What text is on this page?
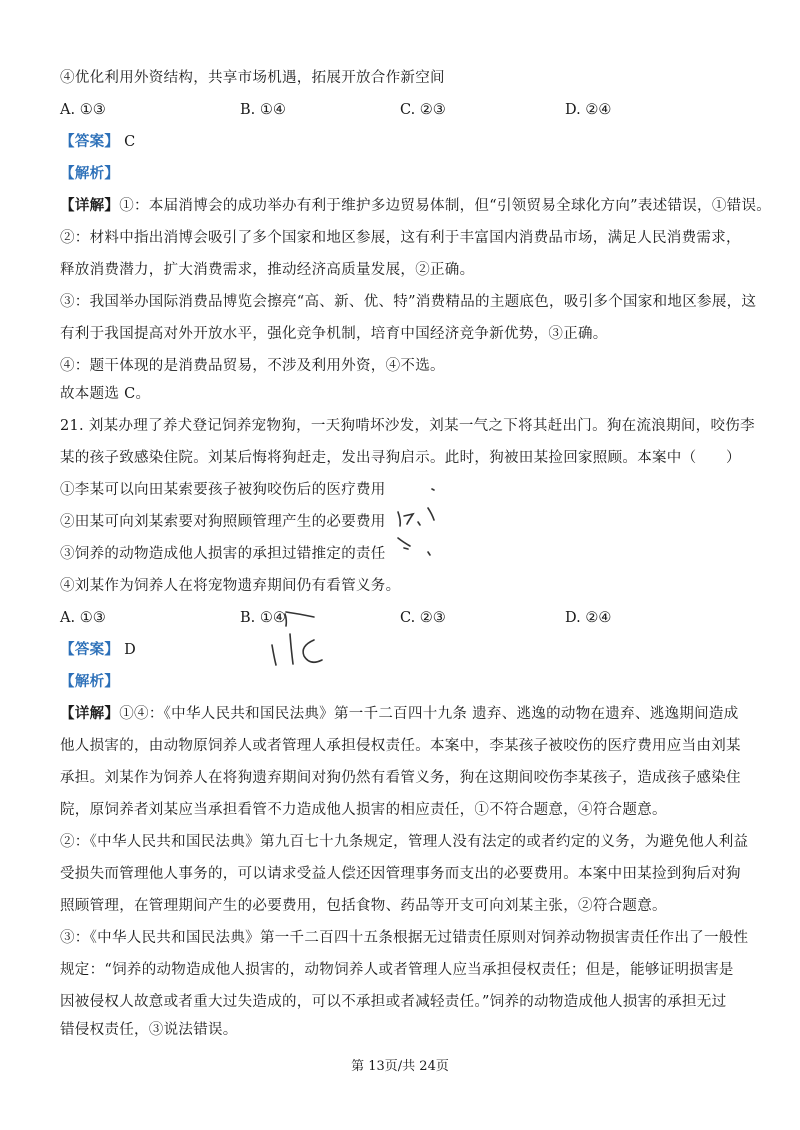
④优化利用外资结构，共享市场机遇，拓展开放合作新空间
A. ①③	B. ①④	C. ②③	D. ②④
【答案】 C
【解析】
【详解】①：本届消博会的成功举办有利于维护多边贸易体制，但“引领贸易全球化方向”表述错误，①错误。
②：材料中指出消博会吸引了多个国家和地区参展，这有利于丰富国内消费品市场，满足人民消费需求，
释放消费潜力，扩大消费需求，推动经济高质量发展，②正确。
③：我国举办国际消费品博览会擦亮“高、新、优、特”消费精品的主题底色，吸引多个国家和地区参展，这
有利于我国提高对外开放水平，强化竞争机制，培育中国经济竞争新优势，③正确。
④：题干体现的是消费品贸易，不涉及利用外资，④不选。
故本题选 C。
21. 刘某办理了养犬登记饲养宠物狗，一天狗啃坏沙发，刘某一气之下将其赶出门。狗在流浪期间，咬伤李
某的孩子致感染住院。刘某后悔将狗赶走，发出寻狗启示。此时，狗被田某捡回家照顾。本案中（　　）
①李某可以向田某索要孩子被狗咬伤后的医疗费用
②田某可向刘某索要对狗照顾管理产生的必要费用
③饲养的动物造成他人损害的承担过错推定的责任
④刘某作为饲养人在将宠物遗弃期间仍有看管义务。
A. ①③	B. ①④	C. ②③	D. ②④
【答案】 D
【解析】
【详解】①④：《中华人民共和国民法典》第一千二百四十九条 遗弃、逃逸的动物在遗弃、逃逸期间造成
他人损害的，由动物原饲养人或者管理人承担侵权责任。本案中，李某孩子被咬伤的医疗费用应当由刘某
承担。刘某作为饲养人在将狗遗弃期间对狗仍然有看管义务，狗在这期间咬伤李某孩子，造成孩子感染住
院，原饲养者刘某应当承担看管不力造成他人损害的相应责任，①不符合题意，④符合题意。
②：《中华人民共和国民法典》第九百七十九条规定，管理人没有法定的或者约定的义务，为避免他人利益
受损失而管理他人事务的，可以请求受益人偿还因管理事务而支出的必要费用。本案中田某捡到狗后对狗
照顾管理，在管理期间产生的必要费用，包括食物、药品等开支可向刘某主张，②符合题意。
③：《中华人民共和国民法典》第一千二百四十五条根据无过错责任原则对饲养动物损害责任作出了一般性
规定：“饲养的动物造成他人损害的，动物饲养人或者管理人应当承担侵权责任；但是，能够证明损害是
因被侵权人故意或者重大过失造成的，可以不承担或者减轻责任。”饲养的动物造成他人损害的承担无过
错侵权责任，③说法错误。
第 13页/共 24页
